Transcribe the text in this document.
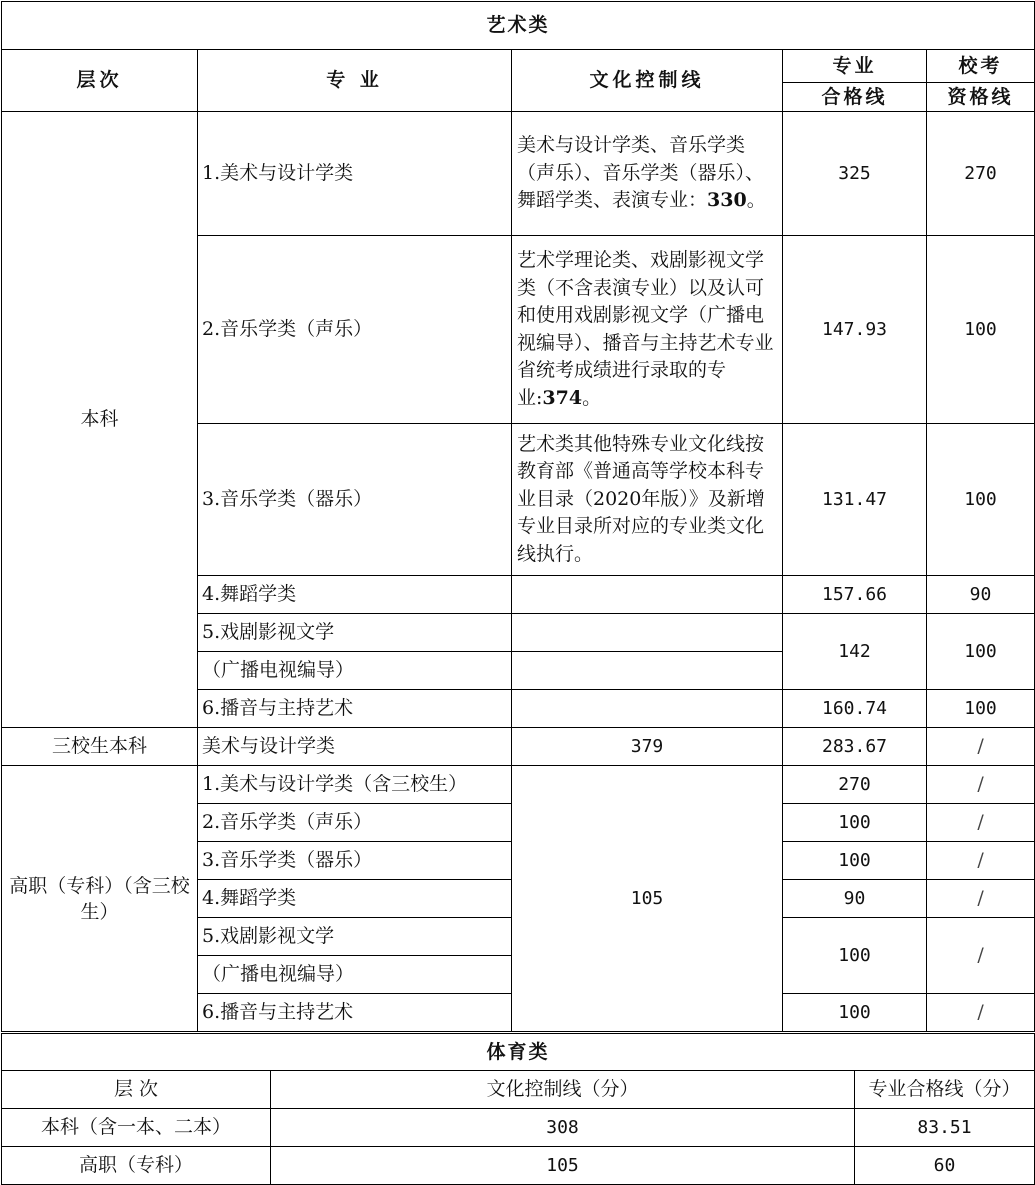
艺术类				
层次	专 业	文化控制线	专业	校考
			合格线	资格线
本科	1.美术与设计学类	美术与设计学类、音乐学类（声乐）、音乐学类（器乐）、舞蹈学类、表演专业：330。	325	270
	2.音乐学类（声乐）	艺术学理论类、戏剧影视文学类（不含表演专业）以及认可和使用戏剧影视文学（广播电视编导）、播音与主持艺术专业省统考成绩进行录取的专业:374。	147.93	100
	3.音乐学类（器乐）	艺术类其他特殊专业文化线按教育部《普通高等学校本科专业目录（2020年版）》及新增专业目录所对应的专业类文化线执行。	131.47	100
	4.舞蹈学类		157.66	90
	5.戏剧影视文学		142	100
	（广播电视编导）			
	6.播音与主持艺术		160.74	100
三校生本科	美术与设计学类	379	283.67	/
高职（专科）（含三校生）	1.美术与设计学类（含三校生）	105	270	/
	2.音乐学类（声乐）		100	/
	3.音乐学类（器乐）		100	/
	4.舞蹈学类		90	/
	5.戏剧影视文学		100	/
	（广播电视编导）			
	6.播音与主持艺术		100	/
体育类		
层 次	文化控制线（分）	专业合格线（分）
本科（含一本、二本）	308	83.51
高职（专科）	105	60
